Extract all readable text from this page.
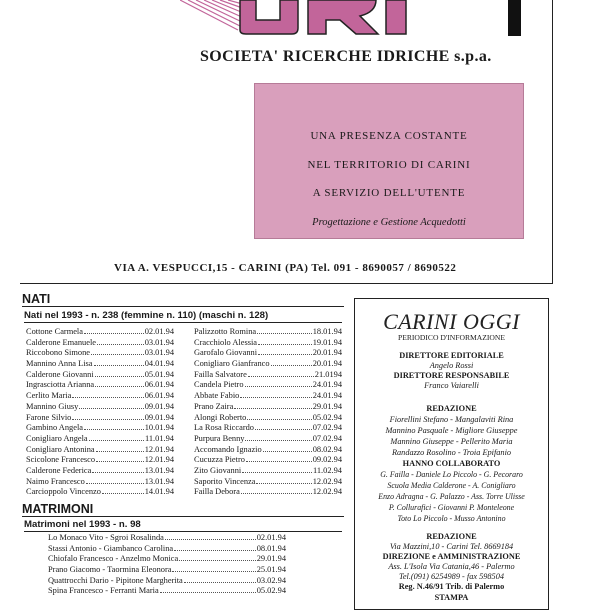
SOCIETA' RICERCHE IDRICHE s.p.a.
UNA PRESENZA COSTANTE
NEL TERRITORIO DI CARINI
A SERVIZIO DELL'UTENTE
Progettazione e Gestione Acquedotti
VIA A. VESPUCCI,15 - CARINI (PA) Tel. 091 - 8690057 / 8690522
NATI
Nati nel 1993 - n. 238 (femmine n. 110) (maschi n. 128)
Cottone Carmela	02.01.94
Calderone Emanuele	03.01.94
Riccobono Simone	03.01.94
Mannino Anna Lisa	04.01.94
Calderone Giovanni	05.01.94
Ingrasciotta Arianna	06.01.94
Cerlito Maria	06.01.94
Mannino Giusy	09.01.94
Farone Silvio	09.01.94
Gambino Angela	10.01.94
Conigliaro Angela	11.01.94
Conigliaro Antonina	12.01.94
Scicolone Francesco	12.01.94
Calderone Federica	13.01.94
Naimo Francesco	13.01.94
Carcioppolo Vincenzo	14.01.94
Palizzotto Romina	18.01.94
Cracchiolo Alessia	19.01.94
Garofalo Giovanni	20.01.94
Conigliaro Gianfranco	20.01.94
Failla Salvatore	21.0194
Candela Pietro	24.01.94
Abbate Fabio	24.01.94
Prano Zaira	29.01.94
Alongi Roberto	05.02.94
La Rosa Riccardo	07.02.94
Purpura Benny	07.02.94
Accomando Ignazio	08.02.94
Cucuzza Pietro	09.02.94
Zito Giovanni	11.02.94
Saporito Vincenza	12.02.94
Failla Debora	12.02.94
MATRIMONI
Matrimoni nel 1993 - n. 98
Lo Monaco Vito - Sgroi Rosalinda	02.01.94
Stassi Antonio - Giambanco Carolina	08.01.94
Chiofalo Francesco - Anzelmo Monica	29.01.94
Prano Giacomo - Taormina Eleonora	25.01.94
Quattrocchi Dario - Pipitone Margherita	03.02.94
Spina Francesco - Ferranti Maria	05.02.94
CARINI OGGI
PERIODICO D'INFORMAZIONE
DIRETTORE EDITORIALE
Angelo Rossi
DIRETTORE RESPONSABILE
Franco Vaiarelli
REDAZIONE
Fiorellini Stefano - Mangalaviti Rina
Mannino Pasquale - Migliore Giuseppe
Mannino Giuseppe - Pellerito Maria
Randazzo Rosolino - Troia Epifanio
HANNO COLLABORATO
G. Failla - Daniele Lo Piccolo - G. Pecoraro
Scuola Media Calderone - A. Conigliaro
Enzo Adragna - G. Palazzo - Ass. Torre Ulisse
P. Collurafici - Giovanni P. Monteleone
Toto Lo Piccolo - Musso Antonino
REDAZIONE
Via Mazzini,10 - Carini Tel. 8669184
DIREZIONE e AMMINISTRAZIONE
Ass. L'Isola Via Catania,46 - Palermo
Tel.(091) 6254989 - fax 598504
Reg. N.46/91 Trib. di Palermo
STAMPA
